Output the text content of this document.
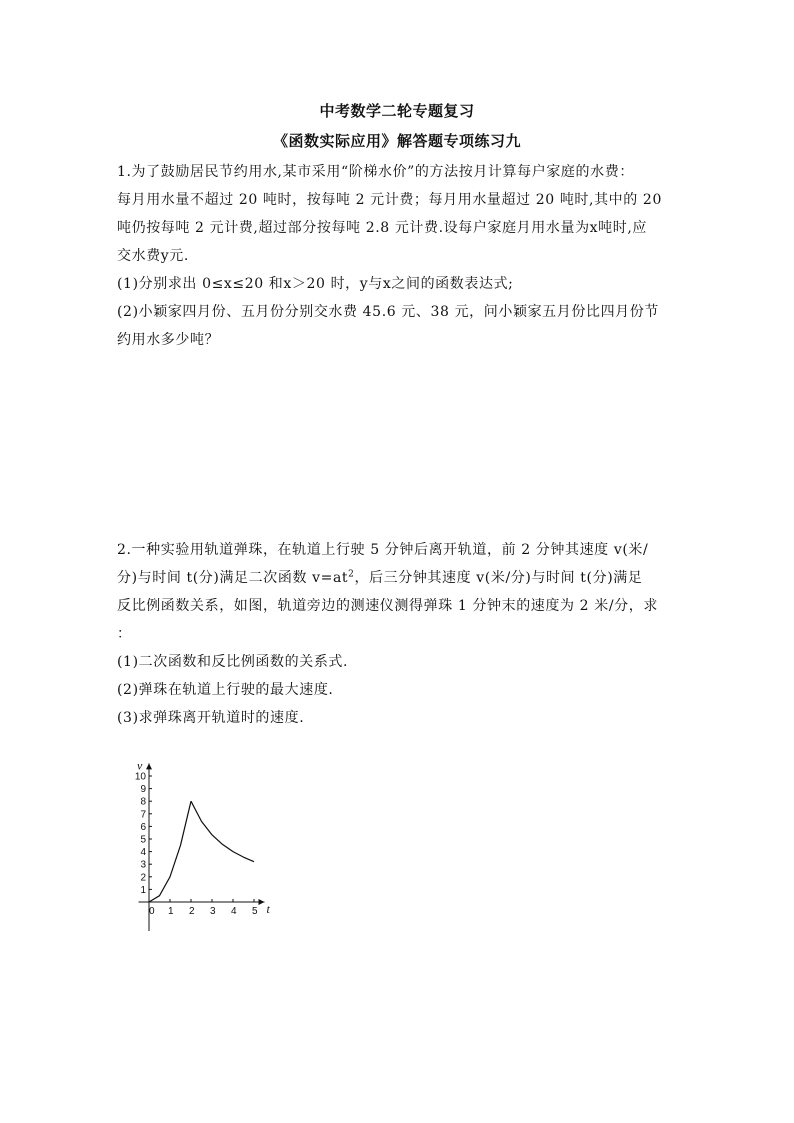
中考数学二轮专题复习
《函数实际应用》解答题专项练习九
1.为了鼓励居民节约用水,某市采用“阶梯水价”的方法按月计算每户家庭的水费：
每月用水量不超过 20 吨时，按每吨 2 元计费；每月用水量超过 20 吨时,其中的 20
吨仍按每吨 2 元计费,超过部分按每吨 2.8 元计费.设每户家庭月用水量为x吨时,应
交水费y元.
(1)分别求出 0≤x≤20 和x＞20 时，y与x之间的函数表达式;
(2)小颖家四月份、五月份分别交水费 45.6 元、38 元，问小颖家五月份比四月份节
约用水多少吨？
2.一种实验用轨道弹珠，在轨道上行驶 5 分钟后离开轨道，前 2 分钟其速度 v(米/
分)与时间 t(分)满足二次函数 $v=at^2$，后三分钟其速度 v(米/分)与时间 t(分)满足
反比例函数关系，如图，轨道旁边的测速仪测得弹珠 1 分钟末的速度为 2 米/分，求
：
(1)二次函数和反比例函数的关系式.
(2)弹珠在轨道上行驶的最大速度.
(3)求弹珠离开轨道时的速度.
t
v
0 1 2 3 4 5
1
2
3
4
5
6
7
8
9
10
